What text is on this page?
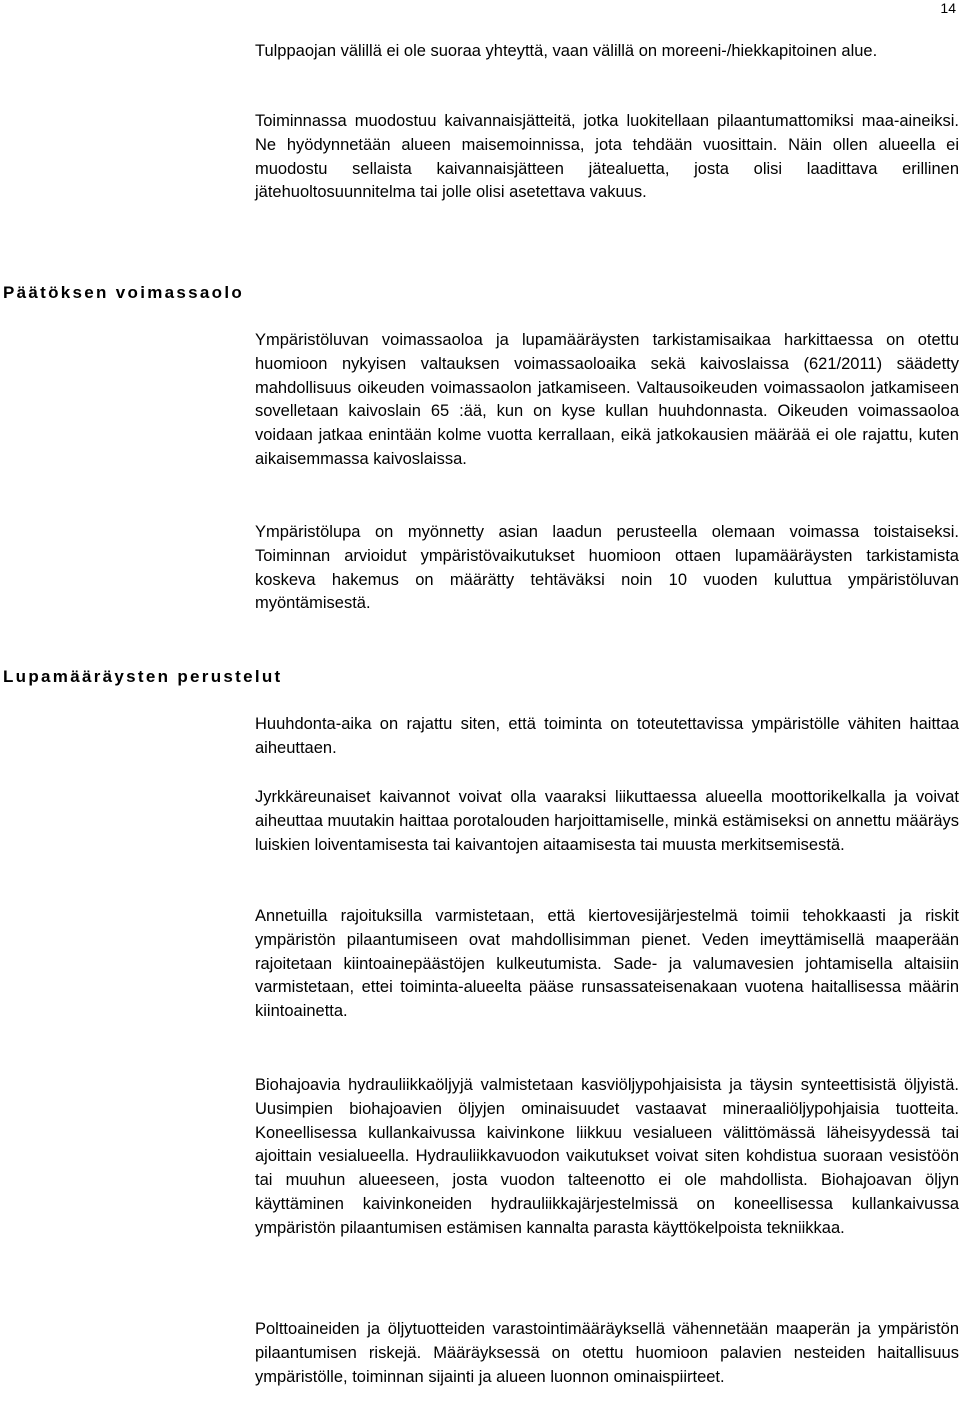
14

Tulppaojan välillä ei ole suoraa yhteyttä, vaan välillä on moreeni-/hiekkapitoinen alue.

Toiminnassa muodostuu kaivannaisjätteitä, jotka luokitellaan pilaantumattomiksi maa-aineiksi. Ne hyödynnetään alueen maisemoinnissa, jota tehdään vuosittain. Näin ollen alueella ei muodostu sellaista kaivannaisjätteen jätealuetta, josta olisi laadittava erillinen jätehuoltosuunnitelma tai jolle olisi asetettava vakuus.

Päätöksen voimassaolo

Ympäristöluvan voimassaoloa ja lupamääräysten tarkistamisaikaa harkittaessa on otettu huomioon nykyisen valtauksen voimassaoloaika sekä kaivoslaissa (621/2011) säädetty mahdollisuus oikeuden voimassaolon jatkamiseen. Valtausoikeuden voimassaolon jatkamiseen sovelletaan kaivoslain 65 :ää, kun on kyse kullan huuhdonnasta. Oikeuden voimassaoloa voidaan jatkaa enintään kolme vuotta kerrallaan, eikä jatkokausien määrää ei ole rajattu, kuten aikaisemmassa kaivoslaissa.

Ympäristölupa on myönnetty asian laadun perusteella olemaan voimassa toistaiseksi. Toiminnan arvioidut ympäristövaikutukset huomioon ottaen lupamääräysten tarkistamista koskeva hakemus on määrätty tehtäväksi noin 10 vuoden kuluttua ympäristöluvan myöntämisestä.

Lupamääräysten perustelut

Huuhdonta-aika on rajattu siten, että toiminta on toteutettavissa ympäristölle vähiten haittaa aiheuttaen.

Jyrkkäreunaiset kaivannot voivat olla vaaraksi liikuttaessa alueella moottorikelkalla ja voivat aiheuttaa muutakin haittaa porotalouden harjoittamiselle, minkä estämiseksi on annettu määräys luiskien loiventamisesta tai kaivantojen aitaamisesta tai muusta merkitsemisestä.

Annetuilla rajoituksilla varmistetaan, että kiertovesijärjestelmä toimii tehokkaasti ja riskit ympäristön pilaantumiseen ovat mahdollisimman pienet. Veden imeyttämisellä maaperään rajoitetaan kiintoainepäästöjen kulkeutumista. Sade- ja valumavesien johtamisella altaisiin varmistetaan, ettei toiminta-alueelta pääse runsassateisenakaan vuotena haitallisessa määrin kiintoainetta.

Biohajoavia hydrauliikkaöljyjä valmistetaan kasviöljypohjaisista ja täysin synteettisistä öljyistä. Uusimpien biohajoavien öljyjen ominaisuudet vastaavat mineraaliöljypohjaisia tuotteita. Koneellisessa kullankaivussa kaivinkone liikkuu vesialueen välittömässä läheisyydessä tai ajoittain vesialueella. Hydrauliikkavuodon vaikutukset voivat siten kohdistua suoraan vesistöön tai muuhun alueeseen, josta vuodon talteenotto ei ole mahdollista. Biohajoavan öljyn käyttäminen kaivinkoneiden hydrauliikkajärjestelmissä on koneellisessa kullankaivussa ympäristön pilaantumisen estämisen kannalta parasta käyttökelpoista tekniikkaa.

Polttoaineiden ja öljytuotteiden varastointimääräyksellä vähennetään maaperän ja ympäristön pilaantumisen riskejä. Määräyksessä on otettu huomioon palavien nesteiden haitallisuus ympäristölle, toiminnan sijainti ja alueen luonnon ominaispiirteet.
